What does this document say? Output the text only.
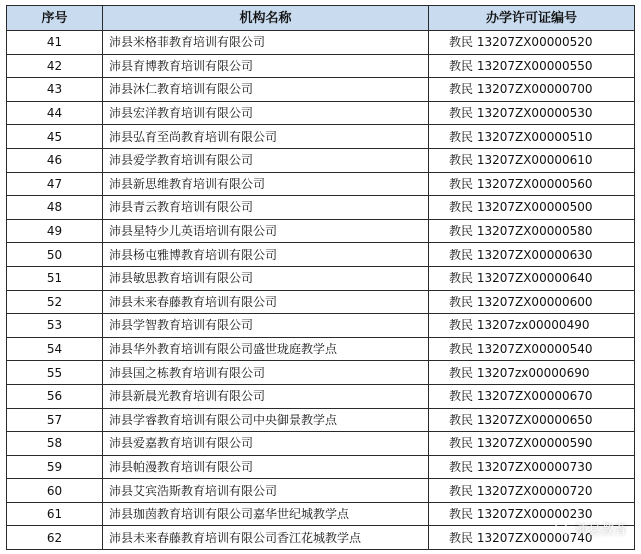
序号	机构名称	办学许可证编号
41	沛县米格菲教育培训有限公司	教民 13207ZX00000520
42	沛县育博教育培训有限公司	教民 13207ZX00000550
43	沛县沐仁教育培训有限公司	教民 13207ZX00000700
44	沛县宏洋教育培训有限公司	教民 13207ZX00000530
45	沛县弘育至尚教育培训有限公司	教民 13207ZX00000510
46	沛县爱学教育培训有限公司	教民 13207ZX00000610
47	沛县新思维教育培训有限公司	教民 13207ZX00000560
48	沛县青云教育培训有限公司	教民 13207ZX00000500
49	沛县星特少儿英语培训有限公司	教民 13207ZX00000580
50	沛县杨屯雅博教育培训有限公司	教民 13207ZX00000630
51	沛县敏思教育培训有限公司	教民 13207ZX00000640
52	沛县未来春藤教育培训有限公司	教民 13207ZX00000600
53	沛县学智教育培训有限公司	教民 13207zx00000490
54	沛县华外教育培训有限公司盛世珑庭教学点	教民 13207ZX00000540
55	沛县国之栋教育培训有限公司	教民 13207zx00000690
56	沛县新晨光教育培训有限公司	教民 13207ZX00000670
57	沛县学睿教育培训有限公司中央御景教学点	教民 13207ZX00000650
58	沛县爱嘉教育培训有限公司	教民 13207ZX00000590
59	沛县帕漫教育培训有限公司	教民 13207ZX00000730
60	沛县艾宾浩斯教育培训有限公司	教民 13207ZX00000720
61	沛县珈茵教育培训有限公司嘉华世纪城教学点	教民 13207ZX00000230
62	沛县未来春藤教育培训有限公司香江花城教学点	教民 13207ZX00000740
沛县教育
